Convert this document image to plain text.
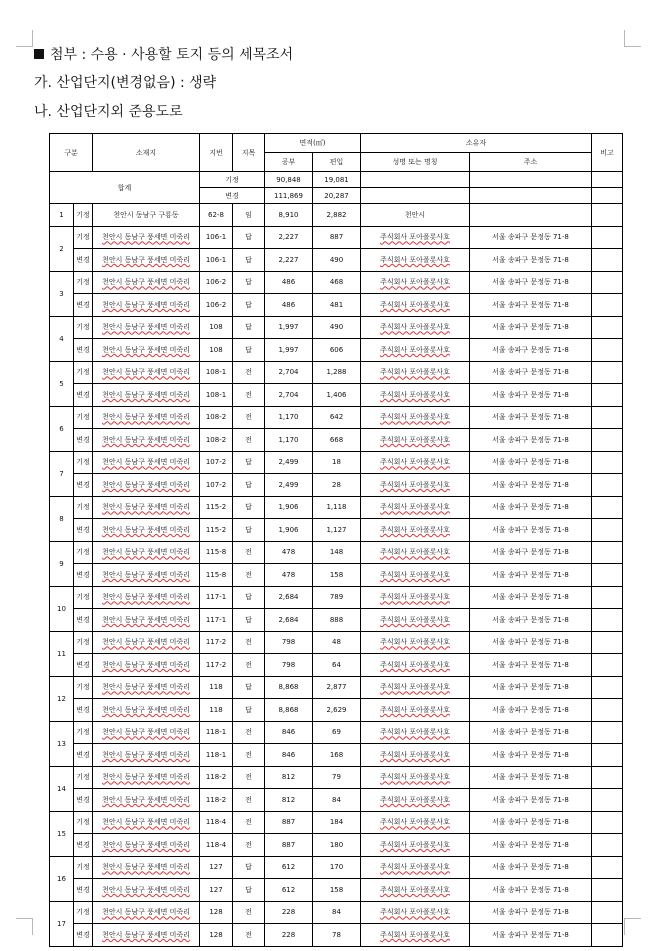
첨부 : 수용 · 사용할 토지 등의 세목조서
가. 산업단지(변경없음) : 생략
나. 산업단지외 준용도로
구분		소재지	지번	지목	면적(㎡)		소유자		비고
					공부	편입	성명 또는 명칭	주소	
합계			기정		90,848	19,081			
			변경		111,869	20,287			
1	기정	천안시 동남구 구룡동	62-8	임	8,910	2,882	천안시		
2	기정	천안시 동남구 풍세면 미죽리	106-1	답	2,227	887	주식회사 포아폴롯사호	서울 송파구 문정동 71-8	
	변경	천안시 동남구 풍세면 미죽리	106-1	답	2,227	490	주식회사 포아폴롯사호	서울 송파구 문정동 71-8	
3	기정	천안시 동남구 풍세면 미죽리	106-2	답	486	468	주식회사 포아폴롯사호	서울 송파구 문정동 71-8	
	변경	천안시 동남구 풍세면 미죽리	106-2	답	486	481	주식회사 포아폴롯사호	서울 송파구 문정동 71-8	
4	기정	천안시 동남구 풍세면 미죽리	108	답	1,997	490	주식회사 포아폴롯사호	서울 송파구 문정동 71-8	
	변경	천안시 동남구 풍세면 미죽리	108	답	1,997	606	주식회사 포아폴롯사호	서울 송파구 문정동 71-8	
5	기정	천안시 동남구 풍세면 미죽리	108-1	전	2,704	1,288	주식회사 포아폴롯사호	서울 송파구 문정동 71-8	
	변경	천안시 동남구 풍세면 미죽리	108-1	전	2,704	1,406	주식회사 포아폴롯사호	서울 송파구 문정동 71-8	
6	기정	천안시 동남구 풍세면 미죽리	108-2	전	1,170	642	주식회사 포아폴롯사호	서울 송파구 문정동 71-8	
	변경	천안시 동남구 풍세면 미죽리	108-2	전	1,170	668	주식회사 포아폴롯사호	서울 송파구 문정동 71-8	
7	기정	천안시 동남구 풍세면 미죽리	107-2	답	2,499	18	주식회사 포아폴롯사호	서울 송파구 문정동 71-8	
	변경	천안시 동남구 풍세면 미죽리	107-2	답	2,499	28	주식회사 포아폴롯사호	서울 송파구 문정동 71-8	
8	기정	천안시 동남구 풍세면 미죽리	115-2	답	1,906	1,118	주식회사 포아폴롯사호	서울 송파구 문정동 71-8	
	변경	천안시 동남구 풍세면 미죽리	115-2	답	1,906	1,127	주식회사 포아폴롯사호	서울 송파구 문정동 71-8	
9	기정	천안시 동남구 풍세면 미죽리	115-8	전	478	148	주식회사 포아폴롯사호	서울 송파구 문정동 71-8	
	변경	천안시 동남구 풍세면 미죽리	115-8	전	478	158	주식회사 포아폴롯사호	서울 송파구 문정동 71-8	
10	기정	천안시 동남구 풍세면 미죽리	117-1	답	2,684	789	주식회사 포아폴롯사호	서울 송파구 문정동 71-8	
	변경	천안시 동남구 풍세면 미죽리	117-1	답	2,684	888	주식회사 포아폴롯사호	서울 송파구 문정동 71-8	
11	기정	천안시 동남구 풍세면 미죽리	117-2	전	798	48	주식회사 포아폴롯사호	서울 송파구 문정동 71-8	
	변경	천안시 동남구 풍세면 미죽리	117-2	전	798	64	주식회사 포아폴롯사호	서울 송파구 문정동 71-8	
12	기정	천안시 동남구 풍세면 미죽리	118	답	8,868	2,877	주식회사 포아폴롯사호	서울 송파구 문정동 71-8	
	변경	천안시 동남구 풍세면 미죽리	118	답	8,868	2,629	주식회사 포아폴롯사호	서울 송파구 문정동 71-8	
13	기정	천안시 동남구 풍세면 미죽리	118-1	전	846	69	주식회사 포아폴롯사호	서울 송파구 문정동 71-8	
	변경	천안시 동남구 풍세면 미죽리	118-1	전	846	168	주식회사 포아폴롯사호	서울 송파구 문정동 71-8	
14	기정	천안시 동남구 풍세면 미죽리	118-2	전	812	79	주식회사 포아폴롯사호	서울 송파구 문정동 71-8	
	변경	천안시 동남구 풍세면 미죽리	118-2	전	812	84	주식회사 포아폴롯사호	서울 송파구 문정동 71-8	
15	기정	천안시 동남구 풍세면 미죽리	118-4	전	887	184	주식회사 포아폴롯사호	서울 송파구 문정동 71-8	
	변경	천안시 동남구 풍세면 미죽리	118-4	전	887	180	주식회사 포아폴롯사호	서울 송파구 문정동 71-8	
16	기정	천안시 동남구 풍세면 미죽리	127	답	612	170	주식회사 포아폴롯사호	서울 송파구 문정동 71-8	
	변경	천안시 동남구 풍세면 미죽리	127	답	612	158	주식회사 포아폴롯사호	서울 송파구 문정동 71-8	
17	기정	천안시 동남구 풍세면 미죽리	128	전	228	84	주식회사 포아폴롯사호	서울 송파구 문정동 71-8	
	변경	천안시 동남구 풍세면 미죽리	128	전	228	78	주식회사 포아폴롯사호	서울 송파구 문정동 71-8	
